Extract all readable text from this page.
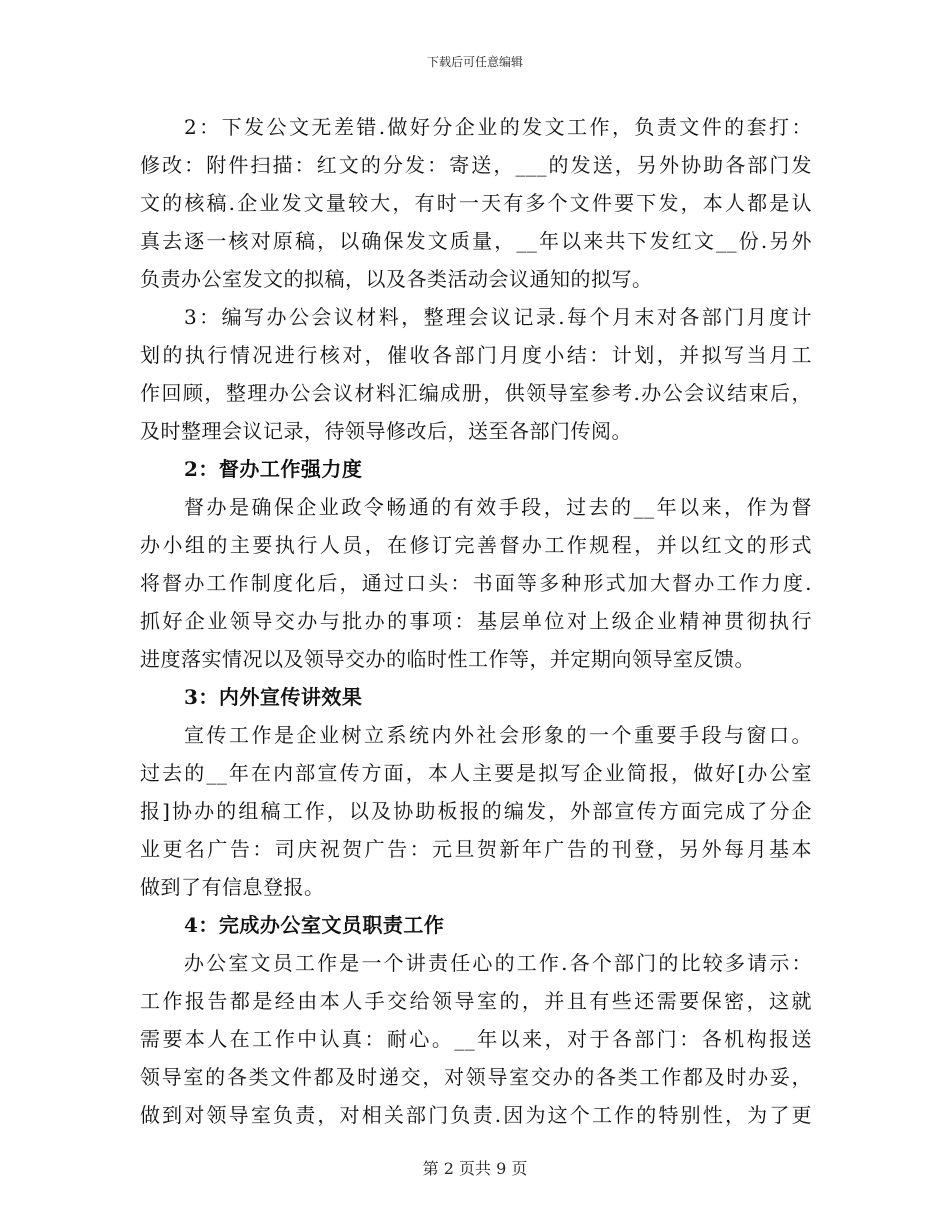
下载后可任意编辑
2：下发公文无差错.做好分企业的发文工作，负责文件的套打：
修改：附件扫描：红文的分发：寄送，___的发送，另外协助各部门发
文的核稿.企业发文量较大，有时一天有多个文件要下发，本人都是认
真去逐一核对原稿，以确保发文质量，__年以来共下发红文__份.另外
负责办公室发文的拟稿，以及各类活动会议通知的拟写。
3：编写办公会议材料，整理会议记录.每个月末对各部门月度计
划的执行情况进行核对，催收各部门月度小结：计划，并拟写当月工
作回顾，整理办公会议材料汇编成册，供领导室参考.办公会议结束后，
及时整理会议记录，待领导修改后，送至各部门传阅。
2：督办工作强力度
督办是确保企业政令畅通的有效手段，过去的__年以来，作为督
办小组的主要执行人员，在修订完善督办工作规程，并以红文的形式
将督办工作制度化后，通过口头：书面等多种形式加大督办工作力度.
抓好企业领导交办与批办的事项：基层单位对上级企业精神贯彻执行
进度落实情况以及领导交办的临时性工作等，并定期向领导室反馈。
3：内外宣传讲效果
宣传工作是企业树立系统内外社会形象的一个重要手段与窗口。
过去的__年在内部宣传方面，本人主要是拟写企业简报，做好[办公室
报]协办的组稿工作，以及协助板报的编发，外部宣传方面完成了分企
业更名广告：司庆祝贺广告：元旦贺新年广告的刊登，另外每月基本
做到了有信息登报。
4：完成办公室文员职责工作
办公室文员工作是一个讲责任心的工作.各个部门的比较多请示：
工作报告都是经由本人手交给领导室的，并且有些还需要保密，这就
需要本人在工作中认真：耐心。__年以来，对于各部门：各机构报送
领导室的各类文件都及时递交，对领导室交办的各类工作都及时办妥，
做到对领导室负责，对相关部门负责.因为这个工作的特别性，为了更
第 2 页共 9 页
